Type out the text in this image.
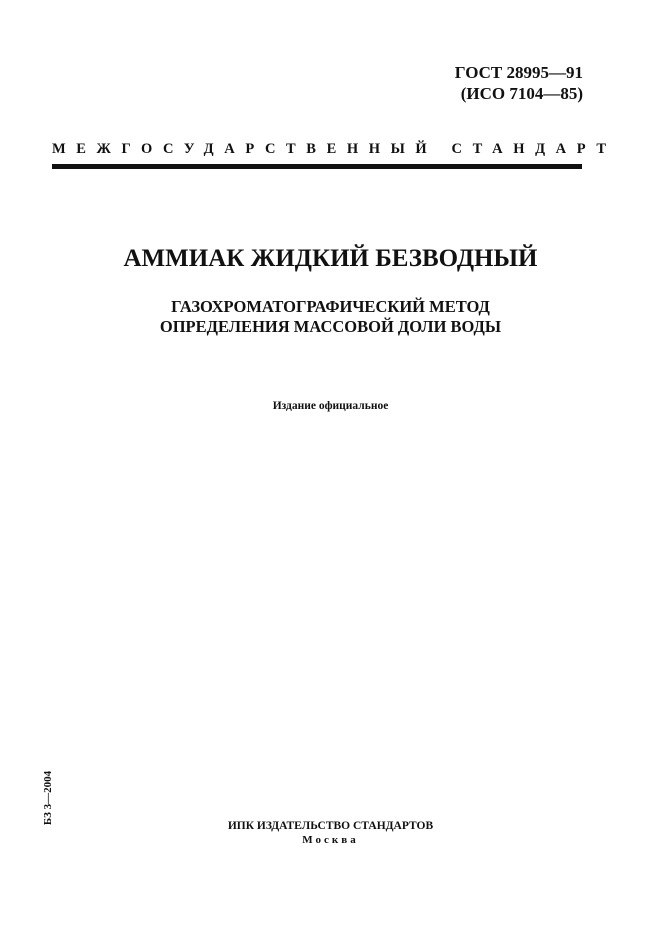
ГОСТ 28995—91
(ИСО 7104—85)
МЕЖГОСУДАРСТВЕННЫЙ СТАНДАРТ
АММИАК ЖИДКИЙ БЕЗВОДНЫЙ
ГАЗОХРОМАТОГРАФИЧЕСКИЙ МЕТОД
ОПРЕДЕЛЕНИЯ МАССОВОЙ ДОЛИ ВОДЫ
Издание официальное
БЗ 3—2004
ИПК ИЗДАТЕЛЬСТВО СТАНДАРТОВ
Москва
